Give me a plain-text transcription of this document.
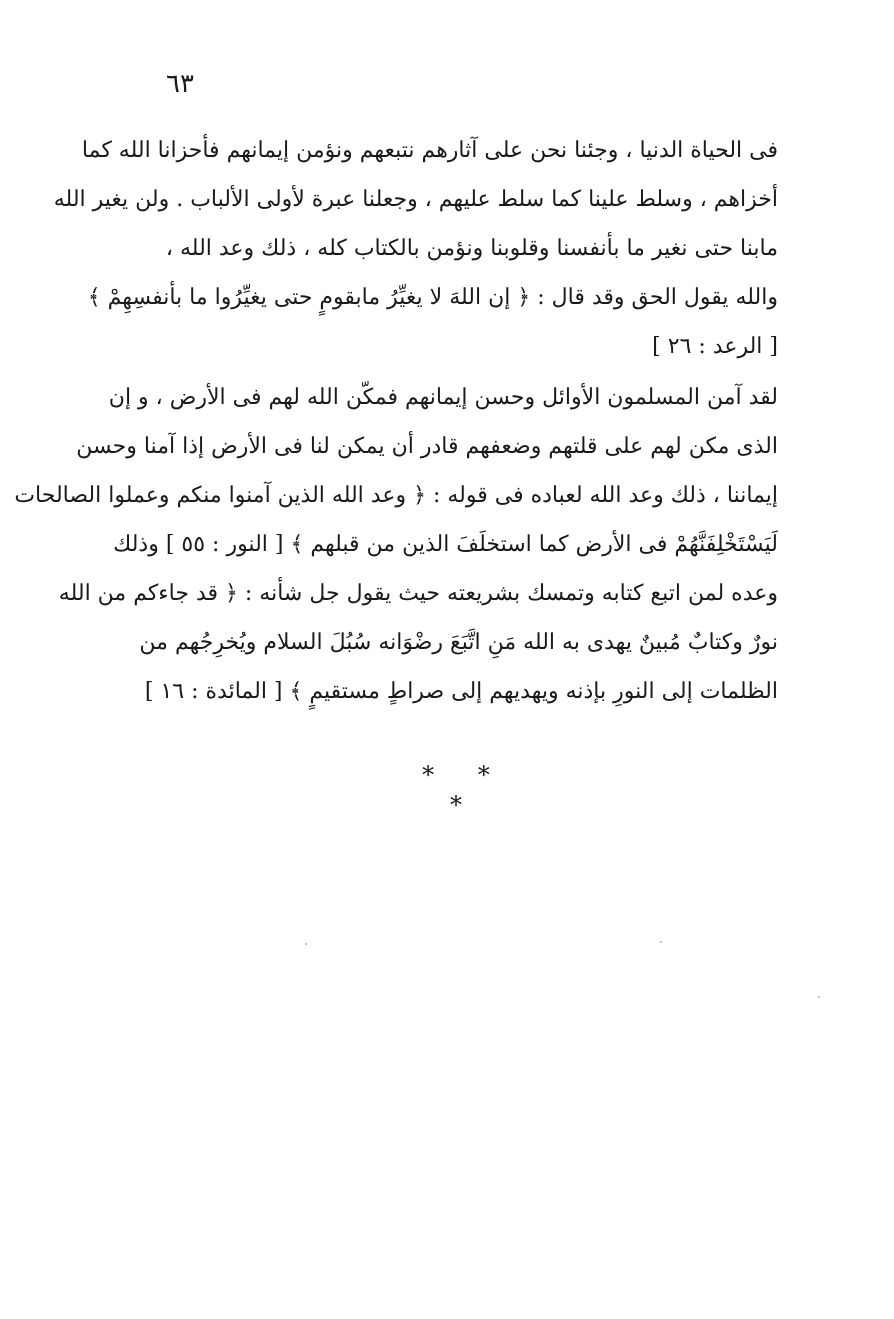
٦٣

فى الحياة الدنيا ، وجئنا نحن على آثارهم نتبعهم ونؤمن إيمانهم فأحزانا الله كما
أخزاهم ، وسلط علينا كما سلط عليهم ، وجعلنا عبرة لأولى الألباب . ولن يغير الله
مابنا حتى نغير ما بأنفسنا وقلوبنا ونؤمن بالكتاب كله ، ذلك وعد الله ،
والله يقول الحق وقد قال : ﴿ إن اللهَ لا يغيِّرُ مابقومٍ حتى يغيِّرُوا ما بأنفسِهِمْ ﴾
[ الرعد : ٢٦ ]

لقد آمن المسلمون الأوائل وحسن إيمانهم فمكّن الله لهم فى الأرض ، و إن
الذى مكن لهم على قلتهم وضعفهم قادر أن يمكن لنا فى الأرض إذا آمنا وحسن
إيماننا ، ذلك وعد الله لعباده فى قوله : ﴿ وعد الله الذين آمنوا منكم وعملوا الصالحات
لَيَسْتَخْلِفَنَّهُمْ فى الأرض كما استخلَفَ الذين من قبلهم ﴾ [ النور : ٥٥ ] وذلك
وعده لمن اتبع كتابه وتمسك بشريعته حيث يقول جل شأنه : ﴿ قد جاءكم من الله
نورٌ وكتابٌ مُبينٌ يهدى به الله مَنِ اتَّبَعَ رضْوَانه سُبُلَ السلام ويُخرِجُهم من
الظلمات إلى النورِ بإذنه ويهديهم إلى صراطٍ مستقيمٍ ﴾ [ المائدة : ١٦ ]

* * *
